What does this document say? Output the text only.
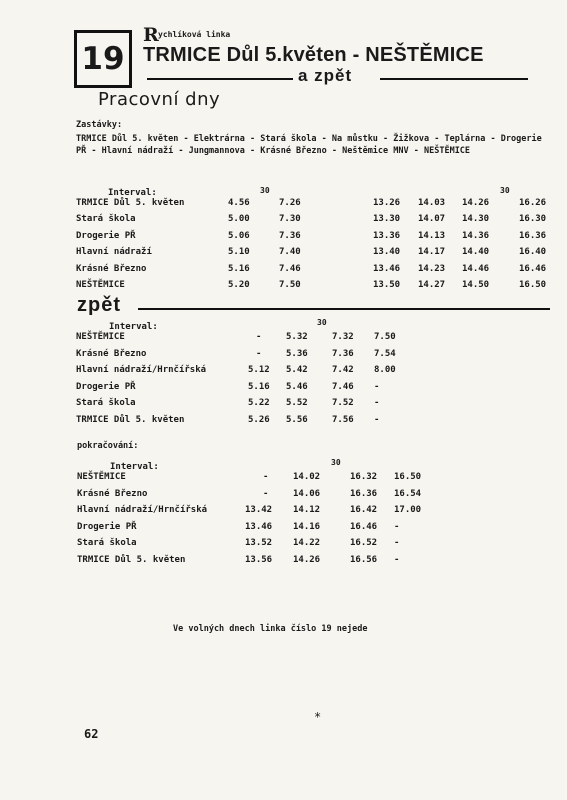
19
R ychlíková linka
TRMICE Důl 5.květen - NEŠTĚMICE
a zpět
Pracovní dny
Zastávky:
TRMICE Důl 5. květen - Elektrárna - Stará škola - Na můstku - Žižkova - Teplárna - Drogerie PŘ - Hlavní nádraží - Jungmannova - Krásné Březno - Neštěmice MNV - NEŠTĚMICE
Interval:	30	30
TRMICE Důl 5. květen	4.56	7.26	13.26 14.03 14.26	16.26
Stará škola	5.00	7.30	13.30 14.07 14.30	16.30
Drogerie PŘ	5.06	7.36	13.36 14.13 14.36	16.36
Hlavní nádraží	5.10	7.40	13.40 14.17 14.40	16.40
Krásné Březno	5.16	7.46	13.46 14.23 14.46	16.46
NEŠTĚMICE	5.20	7.50	13.50 14.27 14.50	16.50
zpět
Interval:	30
NEŠTĚMICE	-	5.32	7.32 7.50
Krásné Březno	-	5.36	7.36 7.54
Hlavní nádraží/Hrnčířská	5.12 5.42	7.42 8.00
Drogerie PŘ	5.16 5.46	7.46 -
Stará škola	5.22 5.52	7.52 -
TRMICE Důl 5. květen	5.26 5.56	7.56 -
pokračování:
Interval:	30
NEŠTĚMICE	-	14.02	16.32 16.50
Krásné Březno	-	14.06	16.36 16.54
Hlavní nádraží/Hrnčířská	13.42 14.12	16.42 17.00
Drogerie PŘ	13.46 14.16	16.46 -
Stará škola	13.52 14.22	16.52 -
TRMICE Důl 5. květen	13.56 14.26	16.56 -
Ve volných dnech linka číslo 19 nejede
62
*
